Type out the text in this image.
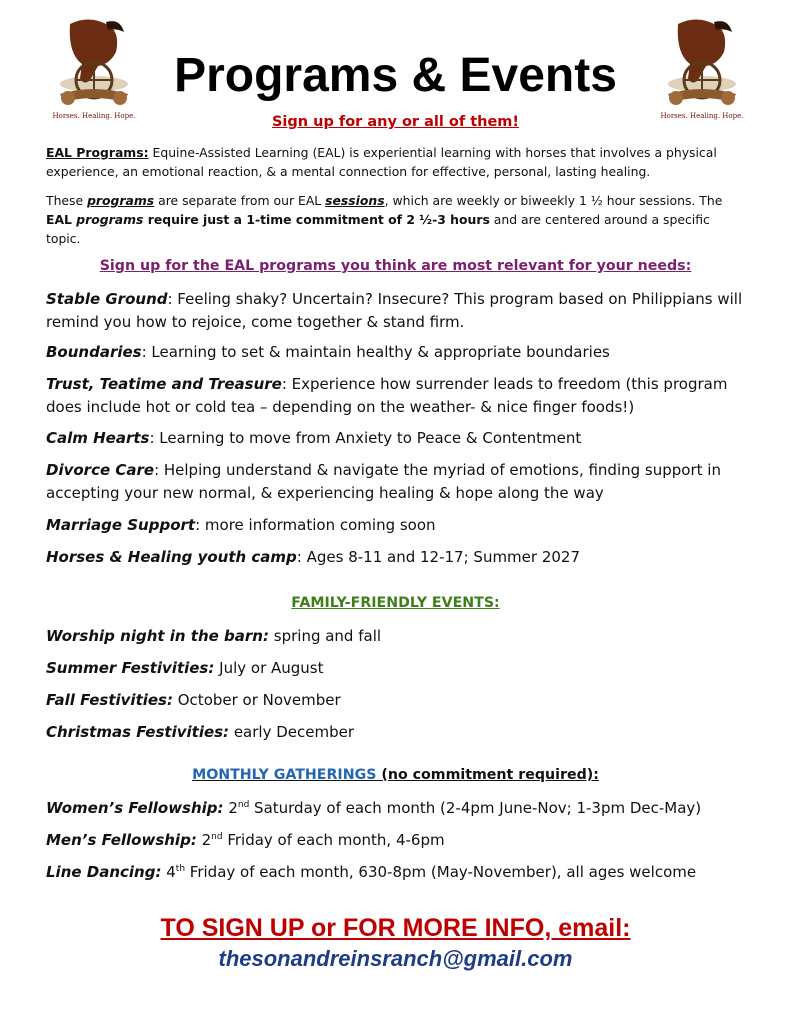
Horses. Healing. Hope.	Horses. Healing. Hope.
Programs & Events
Sign up for any or all of them!
EAL Programs: Equine-Assisted Learning (EAL) is experiential learning with horses that involves a physical experience, an emotional reaction, & a mental connection for effective, personal, lasting healing.
These programs are separate from our EAL sessions, which are weekly or biweekly 1 ½ hour sessions. The EAL programs require just a 1-time commitment of 2 ½-3 hours and are centered around a specific topic.
Sign up for the EAL programs you think are most relevant for your needs:
Stable Ground: Feeling shaky? Uncertain? Insecure? This program based on Philippians will remind you how to rejoice, come together & stand firm.
Boundaries: Learning to set & maintain healthy & appropriate boundaries
Trust, Teatime and Treasure: Experience how surrender leads to freedom (this program does include hot or cold tea – depending on the weather- & nice finger foods!)
Calm Hearts: Learning to move from Anxiety to Peace & Contentment
Divorce Care: Helping understand & navigate the myriad of emotions, finding support in accepting your new normal, & experiencing healing & hope along the way
Marriage Support: more information coming soon
Horses & Healing youth camp: Ages 8-11 and 12-17; Summer 2027
FAMILY-FRIENDLY EVENTS:
Worship night in the barn: spring and fall
Summer Festivities: July or August
Fall Festivities: October or November
Christmas Festivities: early December
MONTHLY GATHERINGS (no commitment required):
Women’s Fellowship: 2nd Saturday of each month (2-4pm June-Nov; 1-3pm Dec-May)
Men’s Fellowship: 2nd Friday of each month, 4-6pm
Line Dancing: 4th Friday of each month, 630-8pm (May-November), all ages welcome
TO SIGN UP or FOR MORE INFO, email:
thesonandreinsranch@gmail.com
